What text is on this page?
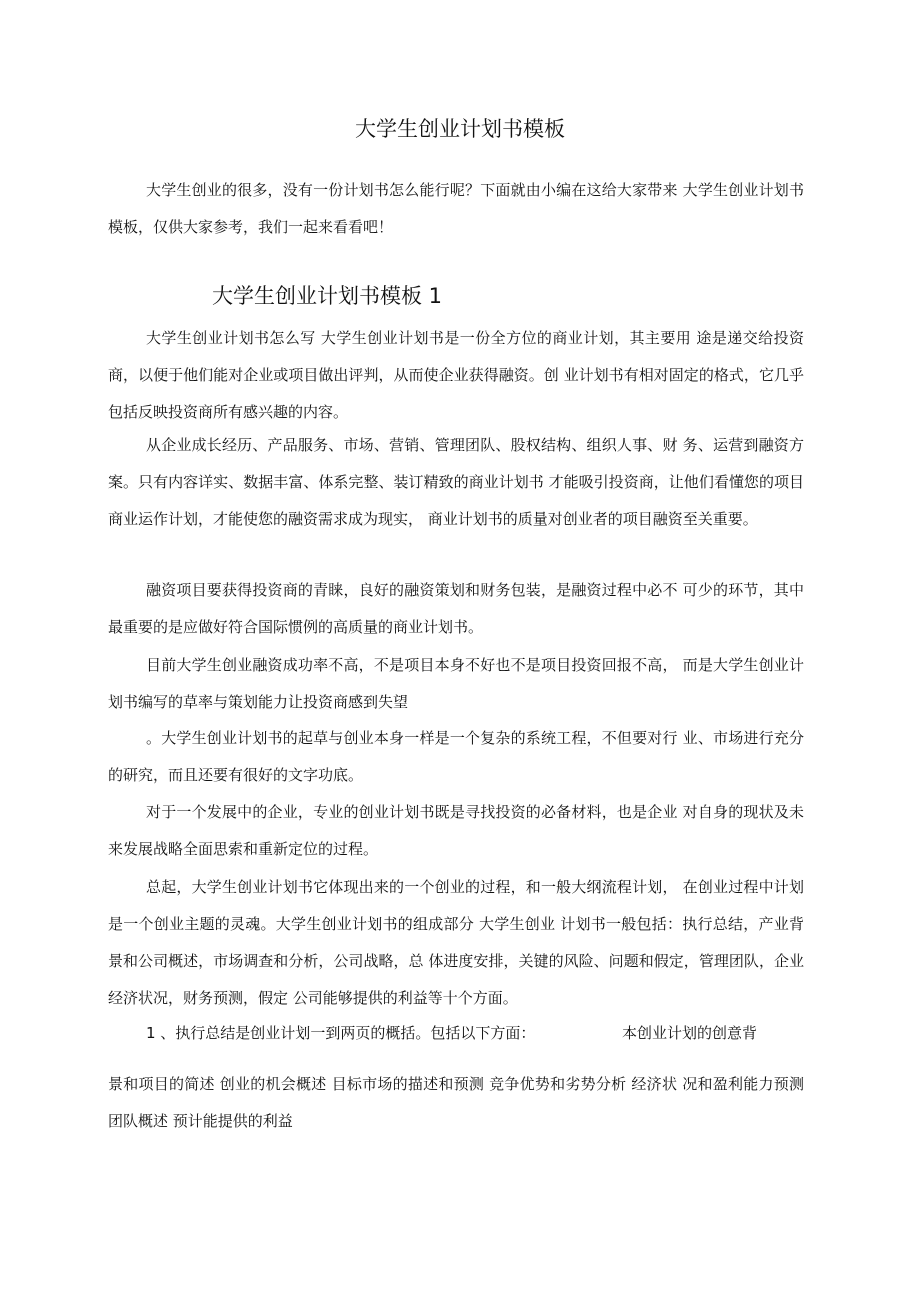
大学生创业计划书模板
大学生创业的很多，没有一份计划书怎么能行呢？下面就由小编在这给大家带来 大学生创业计划书模板，仅供大家参考，我们一起来看看吧！
大学生创业计划书模板 1
大学生创业计划书怎么写 大学生创业计划书是一份全方位的商业计划，其主要用 途是递交给投资商，以便于他们能对企业或项目做出评判，从而使企业获得融资。创 业计划书有相对固定的格式，它几乎包括反映投资商所有感兴趣的内容。
从企业成长经历、产品服务、市场、营销、管理团队、股权结构、组织人事、财 务、运营到融资方案。只有内容详实、数据丰富、体系完整、装订精致的商业计划书 才能吸引投资商，让他们看懂您的项目商业运作计划，才能使您的融资需求成为现实， 商业计划书的质量对创业者的项目融资至关重要。
融资项目要获得投资商的青睐，良好的融资策划和财务包装，是融资过程中必不 可少的环节，其中最重要的是应做好符合国际惯例的高质量的商业计划书。
目前大学生创业融资成功率不高，不是项目本身不好也不是项目投资回报不高， 而是大学生创业计划书编写的草率与策划能力让投资商感到失望
。大学生创业计划书的起草与创业本身一样是一个复杂的系统工程，不但要对行 业、市场进行充分的研究，而且还要有很好的文字功底。
对于一个发展中的企业，专业的创业计划书既是寻找投资的必备材料，也是企业 对自身的现状及未来发展战略全面思索和重新定位的过程。
总起，大学生创业计划书它体现出来的一个创业的过程，和一般大纲流程计划， 在创业过程中计划是一个创业主题的灵魂。大学生创业计划书的组成部分 大学生创业 计划书一般包括：执行总结，产业背景和公司概述，市场调查和分析，公司战略，总 体进度安排，关键的风险、问题和假定，管理团队，企业经济状况，财务预测，假定 公司能够提供的利益等十个方面。
1 、执行总结是创业计划一到两页的概括。包括以下方面：	本创业计划的创意背
景和项目的简述 创业的机会概述 目标市场的描述和预测 竞争优势和劣势分析 经济状 况和盈利能力预测 团队概述 预计能提供的利益
